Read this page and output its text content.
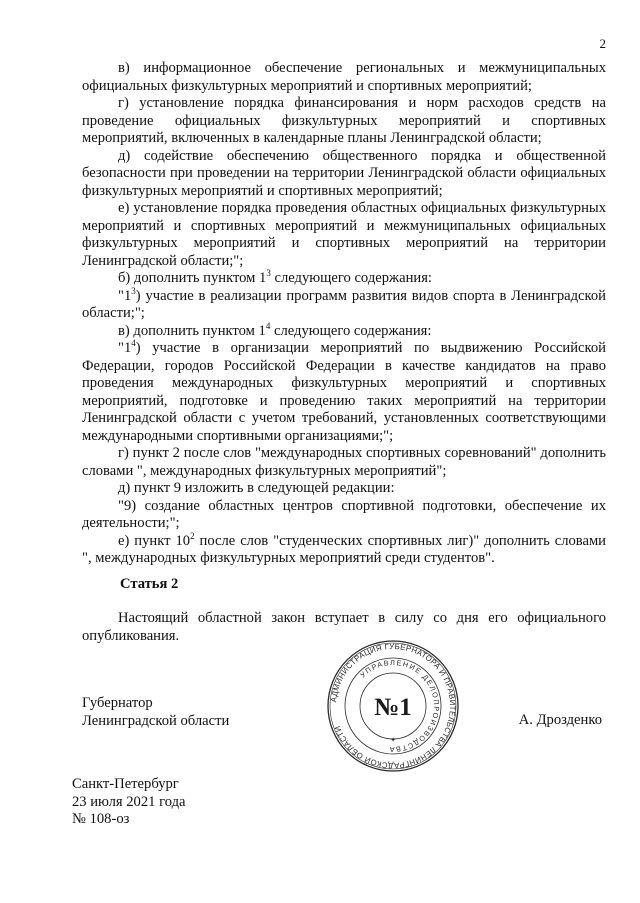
2

в) информационное обеспечение региональных и межмуниципальных официальных физкультурных мероприятий и спортивных мероприятий;

г) установление порядка финансирования и норм расходов средств на проведение официальных физкультурных мероприятий и спортивных мероприятий, включенных в календарные планы Ленинградской области;

д) содействие обеспечению общественного порядка и общественной безопасности при проведении на территории Ленинградской области официальных физкультурных мероприятий и спортивных мероприятий;

е) установление порядка проведения областных официальных физкультурных мероприятий и спортивных мероприятий и межмуниципальных официальных физкультурных мероприятий и спортивных мероприятий на территории Ленинградской области;";

б) дополнить пунктом $1^3$ следующего содержания:

"$1^3$) участие в реализации программ развития видов спорта в Ленинградской области;";

в) дополнить пунктом $1^4$ следующего содержания:

"$1^4$) участие в организации мероприятий по выдвижению Российской Федерации, городов Российской Федерации в качестве кандидатов на право проведения международных физкультурных мероприятий и спортивных мероприятий, подготовке и проведению таких мероприятий на территории Ленинградской области с учетом требований, установленных соответствующими международными спортивными организациями;";

г) пункт 2 после слов "международных спортивных соревнований" дополнить словами ", международных физкультурных мероприятий";

д) пункт 9 изложить в следующей редакции:

"9) создание областных центров спортивной подготовки, обеспечение их деятельности;";

е) пункт $10^2$ после слов "студенческих спортивных лиг)" дополнить словами ", международных физкультурных мероприятий среди студентов".

Статья 2
Настоящий областной закон вступает в силу со дня его официального опубликования.
Губернатор
Ленинградской области	А. Дрозденко
АДМИНИСТРАЦИЯ ГУБЕРНАТОРА И ПРАВИТЕЛЬСТВА ЛЕНИНГРАДСКОЙ ОБЛАСТИ
УПРАВЛЕНИЕ ДЕЛОПРОИЗВОДСТВА
№1
✦
Санкт-Петербург
23 июля 2021 года
№ 108-оз
